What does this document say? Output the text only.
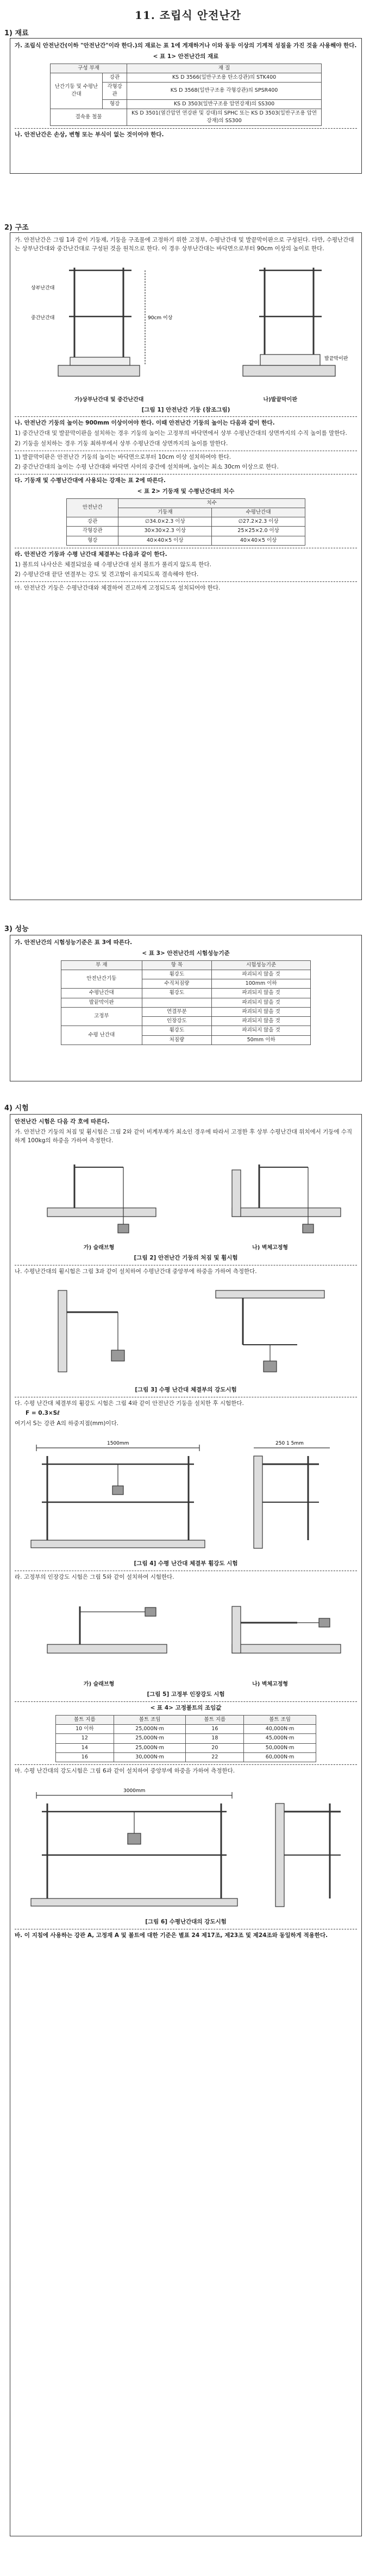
11. 조립식 안전난간
1) 재료
가. 조립식 안전난간(이하 "안전난간"이라 한다.)의 재료는 표 1에 게재하거나 이와 동등 이상의 기계적 성질을 가진 것을 사용해야 한다.
< 표 1> 안전난간의 재료
구성 부재		재 질
난간기둥 및 수평난간대	강관	KS D 3566(일반구조용 탄소강관)의 STK400
	각형강관	KS D 3568(일반구조용 각형강관)의 SPSR400
	형강	KS D 3503(일반구조용 압연강재)의 SS300
결속용 철물		KS D 3501(열간압연 연강판 및 강대)의 SPHC 또는 KS D 3503(일반구조용 압연강재)의 SS300
나. 안전난간은 손상, 변형 또는 부식이 없는 것이어야 한다.
2) 구조
가. 안전난간은 그림 1과 같이 기둥재, 기둥을 구조물에 고정하기 위한 고정부, 수평난간대 및 발끝막이판으로 구성된다. 다만, 수평난간대는 상부난간대와 중간난간대로 구성된 것을 원칙으로 한다. 이 경우 상부난간대는 바닥면으로부터 90cm 이상의 높이로 한다.
상부난간대
중간난간대	90cm 이상
발끝막이판
가)상부난간대 및 중간난간대	나)발끝막이판
[그림 1] 안전난간 기둥 (참조그림)
나. 안전난간 기둥의 높이는 900mm 이상이어야 한다. 이때 안전난간 기둥의 높이는 다음과 같이 한다.
1) 중간난간대 및 발끝막이판을 설치하는 경우 기둥의 높이는 고정부의 바닥면에서 상부 수평난간대의 상면까지의 수직 높이를 말한다.
2) 기둥을 설치하는 경우 기둥 최하부에서 상부 수평난간대 상면까지의 높이를 말한다.
1) 발끝막이판은 안전난간 기둥의 높이는 바닥면으로부터 10cm 이상 설치하여야 한다.
2) 중간난간대의 높이는 수평 난간대와 바닥면 사이의 중간에 설치하며, 높이는 최소 30cm 이상으로 한다.
다. 기둥재 및 수평난간대에 사용되는 강재는 표 2에 따른다.
< 표 2> 기둥재 및 수평난간대의 치수
안전난간	치수	
	기둥재	수평난간대
강관	∅34.0×2.3 이상	∅27.2×2.3 이상
각형강관	30×30×2.3 이상	25×25×2.0 이상
형강	40×40×5 이상	40×40×5 이상
라. 안전난간 기둥과 수평 난간대 체결부는 다음과 같이 한다.
1) 볼트의 나사산은 체결되었을 때 수평난간대 설치 볼트가 풀리지 않도록 한다.
2) 수평난간대 끝단 연결부는 강도 및 견고함이 유지되도록 결속해야 한다.
마. 안전난간 기둥은 수평난간대와 체결하여 견고하게 고정되도록 설치되어야 한다.
3) 성능
가. 안전난간의 시험성능기준은 표 3에 따른다.
< 표 3> 안전난간의 시험성능기준
부 재	항 목	시험성능기준
안전난간기둥	휨강도	파괴되지 않을 것
	수직처짐량	100mm 이하
수평난간대	휨강도	파괴되지 않을 것
발끝막이판		파괴되지 않을 것
고정부	연결부분	파괴되지 않을 것
	인장강도	파괴되지 않을 것
수평 난간대	휨강도	파괴되지 않을 것
	처짐량	50mm 이하
4) 시험
안전난간 시험은 다음 각 호에 따른다.
가. 안전난간 기둥의 처짐 및 휨시험은 그림 2와 같이 비계부재가 최소인 경우에 따라서 고정한 후 상부 수평난간대 위치에서 기둥에 수직하게 100kg의 하중을 가하여 측정한다.
가) 슬래브형	나) 벽체고정형
[그림 2] 안전난간 기둥의 처짐 및 휨시험
나. 수평난간대의 휨시험은 그림 3과 같이 설치하여 수평난간대 중앙부에 하중을 가하여 측정한다.
[그림 3] 수평 난간대 체결부의 강도시험
다. 수평 난간대 체결부의 휨강도 시험은 그림 4와 같이 안전난간 기둥을 설치한 후 시험한다.
F = 0.3×Sℓ
여기서 S는 강관 A의 하중지점(mm)이다.
1500mm	250 1 5mm
[그림 4] 수평 난간대 체결부 휨강도 시험
라. 고정부의 인장강도 시험은 그림 5와 같이 설치하여 시험한다.
가) 슬래브형	나) 벽체고정형
[그림 5] 고정부 인장강도 시험
< 표 4> 고정볼트의 조임값
볼트 지름	볼트 조임	볼트 지름	볼트 조임
10 이하	25,000N·m	16	40,000N·m
12	25,000N·m	18	45,000N·m
14	25,000N·m	20	50,000N·m
16	30,000N·m	22	60,000N·m
마. 수평 난간대의 강도시험은 그림 6과 같이 설치하여 중앙부에 하중을 가하여 측정한다.
3000mm
[그림 6] 수평난간대의 강도시험
바. 이 지침에 사용하는 강관 A, 고정재 A 및 볼트에 대한 기준은 별표 24 제17조, 제23조 및 제24조와 동일하게 적용한다.
